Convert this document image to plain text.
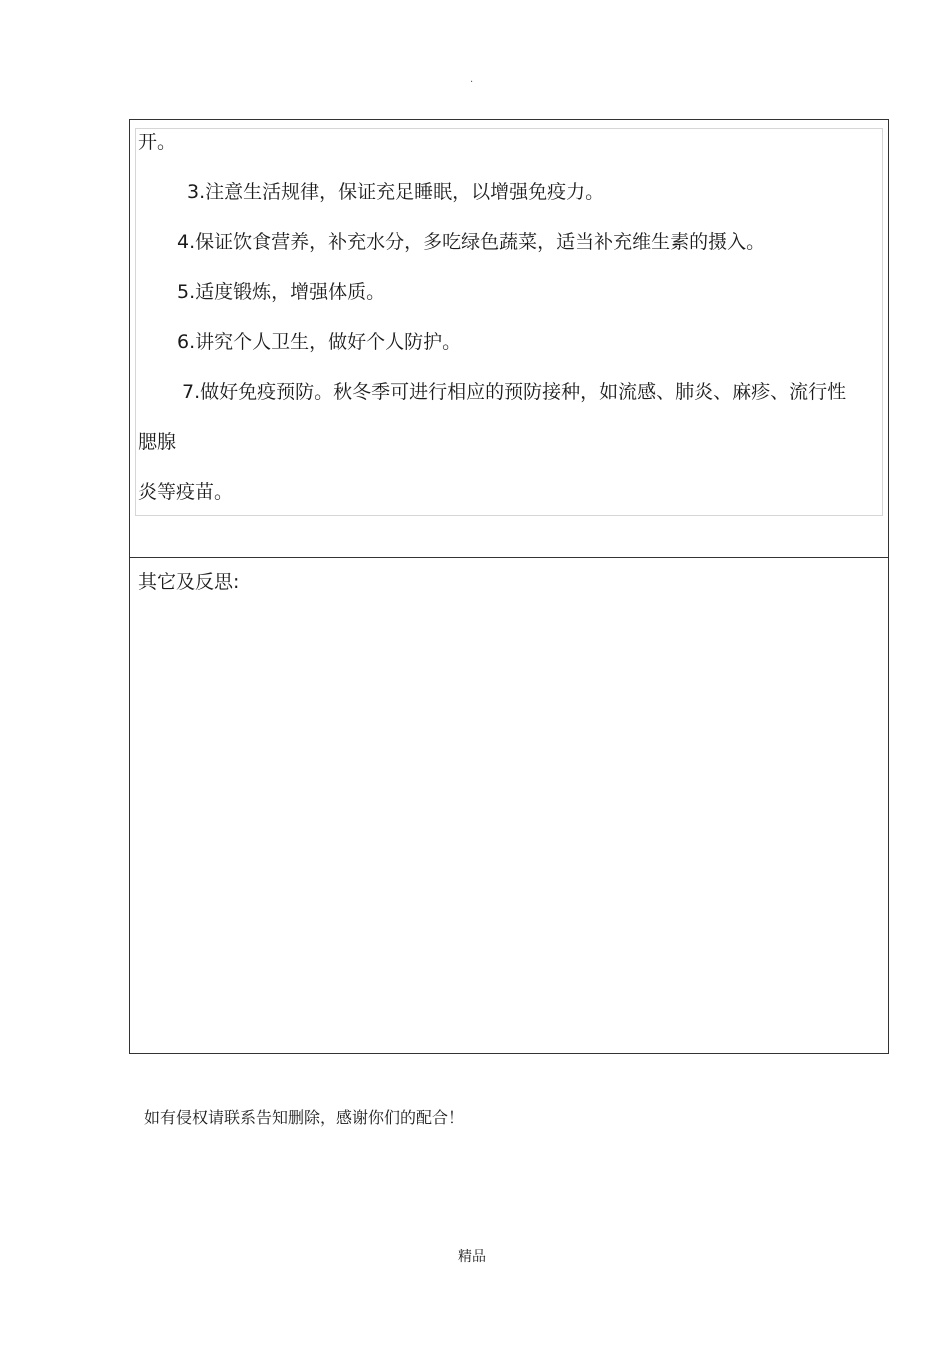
.
开。
3.注意生活规律，保证充足睡眠，以增强免疫力。
4.保证饮食营养，补充水分，多吃绿色蔬菜，适当补充维生素的摄入。
5.适度锻炼，增强体质。
6.讲究个人卫生，做好个人防护。
7.做好免疫预防。秋冬季可进行相应的预防接种，如流感、肺炎、麻疹、流行性
腮腺
炎等疫苗。
其它及反思:
如有侵权请联系告知删除，感谢你们的配合！
精品
